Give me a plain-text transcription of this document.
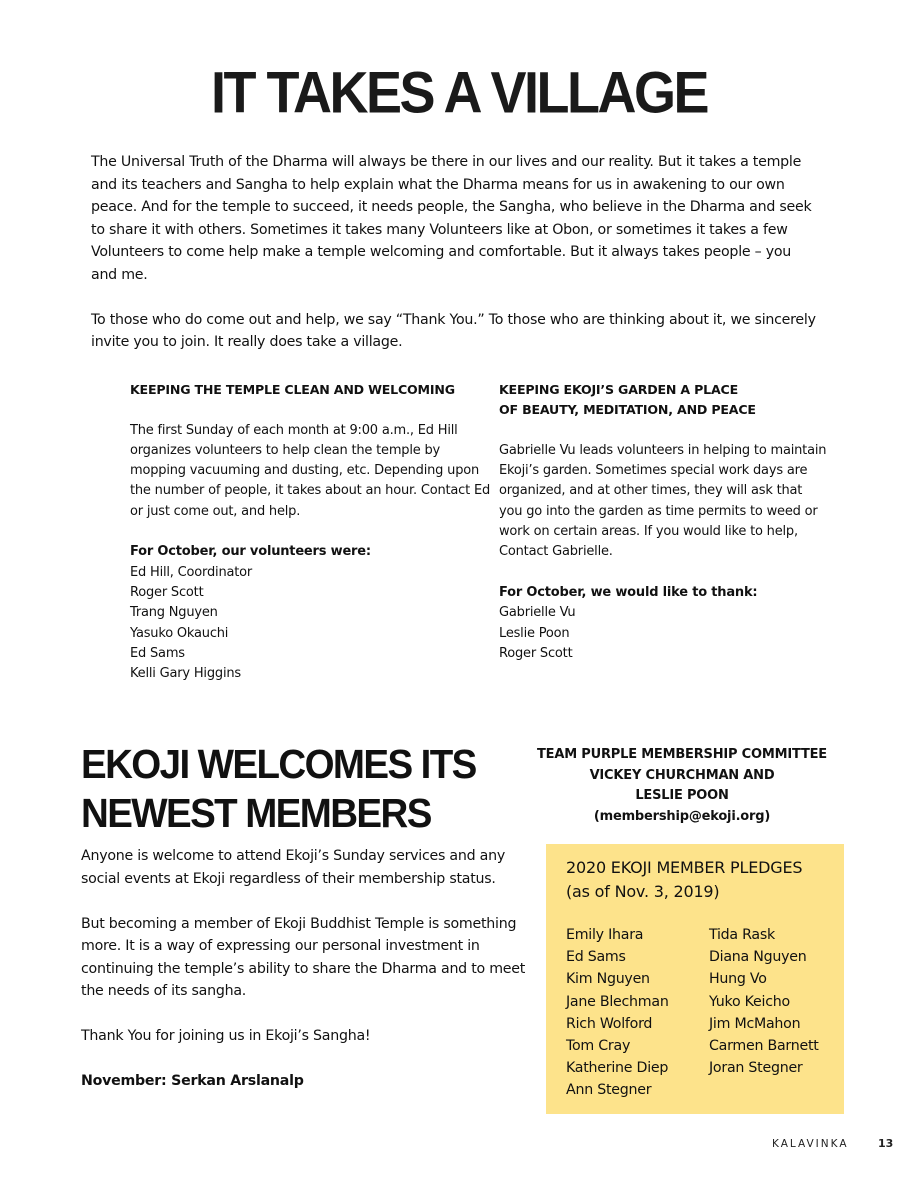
IT TAKES A VILLAGE

The Universal Truth of the Dharma will always be there in our lives and our reality. But it takes a temple and its teachers and Sangha to help explain what the Dharma means for us in awakening to our own peace. And for the temple to succeed, it needs people, the Sangha, who believe in the Dharma and seek to share it with others. Sometimes it takes many Volunteers like at Obon, or sometimes it takes a few Volunteers to come help make a temple welcoming and comfortable. But it always takes people – you and me.

To those who do come out and help, we say “Thank You.” To those who are thinking about it, we sincerely invite you to join. It really does take a village.

KEEPING THE TEMPLE CLEAN AND WELCOMING

The first Sunday of each month at 9:00 a.m., Ed Hill organizes volunteers to help clean the temple by mopping vacuuming and dusting, etc. Depending upon the number of people, it takes about an hour. Contact Ed or just come out, and help.

For October, our volunteers were:
Ed Hill, Coordinator
Roger Scott
Trang Nguyen
Yasuko Okauchi
Ed Sams
Kelli Gary Higgins
KEEPING EKOJI’S GARDEN A PLACE
OF BEAUTY, MEDITATION, AND PEACE

Gabrielle Vu leads volunteers in helping to maintain Ekoji’s garden. Sometimes special work days are organized, and at other times, they will ask that you go into the garden as time permits to weed or work on certain areas. If you would like to help, Contact Gabrielle.

For October, we would like to thank:
Gabrielle Vu
Leslie Poon
Roger Scott
EKOJI WELCOMES ITS
NEWEST MEMBERS
TEAM PURPLE MEMBERSHIP COMMITTEE
VICKEY CHURCHMAN AND
LESLIE POON
(membership@ekoji.org)

Anyone is welcome to attend Ekoji’s Sunday services and any social events at Ekoji regardless of their membership status.

But becoming a member of Ekoji Buddhist Temple is something more. It is a way of expressing our personal investment in continuing the temple’s ability to share the Dharma and to meet the needs of its sangha.

Thank You for joining us in Ekoji’s Sangha!

November: Serkan Arslanalp

2020 EKOJI MEMBER PLEDGES
(as of Nov. 3, 2019)
Emily Ihara
Ed Sams
Kim Nguyen
Jane Blechman
Rich Wolford
Tom Cray
Katherine Diep
Ann Stegner
Tida Rask
Diana Nguyen
Hung Vo
Yuko Keicho
Jim McMahon
Carmen Barnett
Joran Stegner
KALAVINKA	13
